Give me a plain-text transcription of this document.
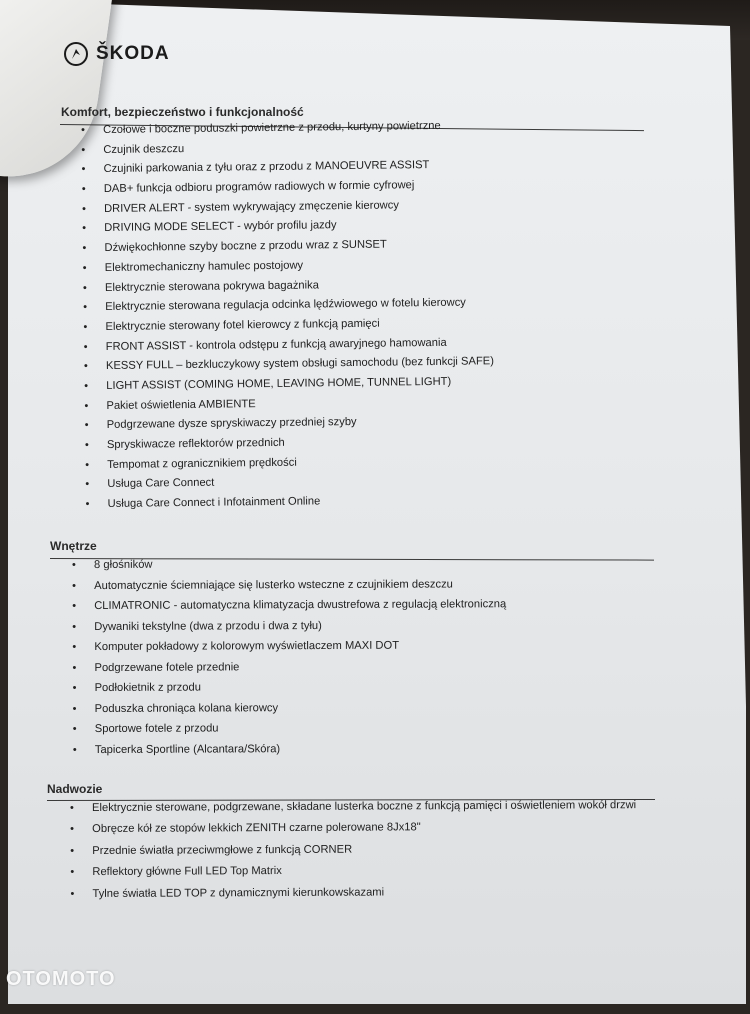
ŠKODA
Komfort, bezpieczeństwo i funkcjonalność
• Czołowe i boczne poduszki powietrzne z przodu, kurtyny powietrzne
• Czujnik deszczu
• Czujniki parkowania z tyłu oraz z przodu z MANOEUVRE ASSIST
• DAB+ funkcja odbioru programów radiowych w formie cyfrowej
• DRIVER ALERT - system wykrywający zmęczenie kierowcy
• DRIVING MODE SELECT - wybór profilu jazdy
• Dźwiękochłonne szyby boczne z przodu wraz z SUNSET
• Elektromechaniczny hamulec postojowy
• Elektrycznie sterowana pokrywa bagażnika
• Elektrycznie sterowana regulacja odcinka lędźwiowego w fotelu kierowcy
• Elektrycznie sterowany fotel kierowcy z funkcją pamięci
• FRONT ASSIST - kontrola odstępu z funkcją awaryjnego hamowania
• KESSY FULL – bezkluczykowy system obsługi samochodu (bez funkcji SAFE)
• LIGHT ASSIST (COMING HOME, LEAVING HOME, TUNNEL LIGHT)
• Pakiet oświetlenia AMBIENTE
• Podgrzewane dysze spryskiwaczy przedniej szyby
• Spryskiwacze reflektorów przednich
• Tempomat z ogranicznikiem prędkości
• Usługa Care Connect
• Usługa Care Connect i Infotainment Online
Wnętrze
• 8 głośników
• Automatycznie ściemniające się lusterko wsteczne z czujnikiem deszczu
• CLIMATRONIC - automatyczna klimatyzacja dwustrefowa z regulacją elektroniczną
• Dywaniki tekstylne (dwa z przodu i dwa z tyłu)
• Komputer pokładowy z kolorowym wyświetlaczem MAXI DOT
• Podgrzewane fotele przednie
• Podłokietnik z przodu
• Poduszka chroniąca kolana kierowcy
• Sportowe fotele z przodu
• Tapicerka Sportline (Alcantara/Skóra)
Nadwozie
• Elektrycznie sterowane, podgrzewane, składane lusterka boczne z funkcją pamięci i oświetleniem wokół drzwi
• Obręcze kół ze stopów lekkich ZENITH czarne polerowane 8Jx18"
• Przednie światła przeciwmgłowe z funkcją CORNER
• Reflektory główne Full LED Top Matrix
• Tylne światła LED TOP z dynamicznymi kierunkowskazami
OTOMOTO
